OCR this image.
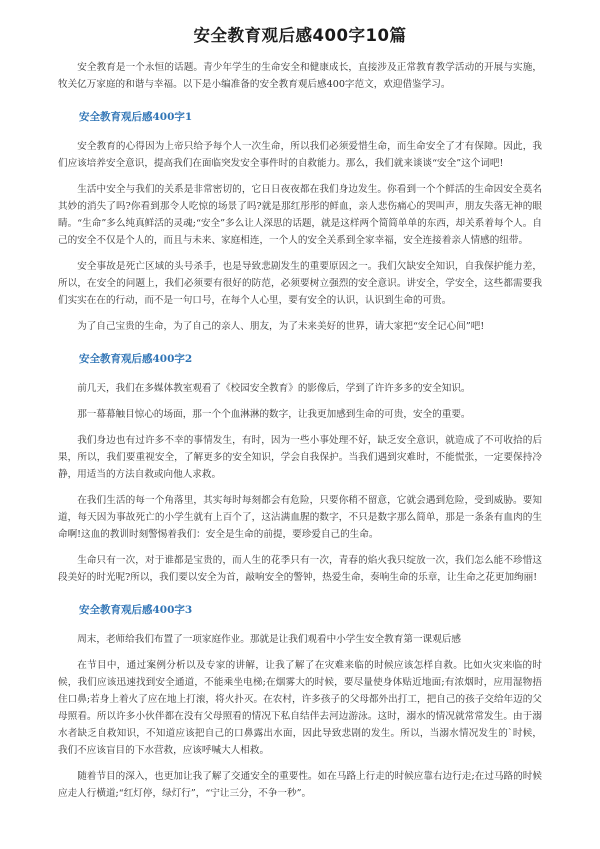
安全教育观后感400字10篇

安全教育是一个永恒的话题。青少年学生的生命安全和健康成长，直接涉及正常教育教学活动的开展与实施，牧关亿万家庭的和谐与幸福。以下是小编准备的安全教育观后感400字范文，欢迎借鉴学习。

安全教育观后感400字1

安全教育的心得因为上帝只给予每个人一次生命，所以我们必须爱惜生命，而生命安全了才有保障。因此，我们应该培养安全意识，提高我们在面临突发安全事件时的自救能力。那么，我们就来谈谈“安全”这个词吧!

生活中安全与我们的关系是非常密切的，它日日夜夜都在我们身边发生。你看到一个个鲜活的生命因安全莫名其妙的消失了吗?你看到那令人吃惊的场景了吗?就是那红彤彤的鲜血，亲人悲伤痛心的哭叫声，朋友失落无神的眼睛。“生命”多么纯真鲜活的灵魂;“安全”多么让人深思的话题，就是这样两个简简单单的东西，却关系着每个人。自己的安全不仅是个人的，而且与未来、家庭相连，一个人的安全关系到全家幸福，安全连接着亲人情感的纽带。

安全事故是死亡区域的头号杀手，也是导致悲剧发生的重要原因之一。我们欠缺安全知识，自我保护能力差，所以，在安全的问题上，我们必须要有很好的防范，必须要树立强烈的安全意识。讲安全，学安全，这些都需要我们实实在在的行动，而不是一句口号，在每个人心里，要有安全的认识，认识到生命的可贵。

为了自己宝贵的生命，为了自己的亲人、朋友，为了未来美好的世界，请大家把“安全记心间”吧!

安全教育观后感400字2

前几天，我们在多媒体教室观看了《校园安全教育》的影像后，学到了许许多多的安全知识。

那一幕幕触目惊心的场面，那一个个血淋淋的数字，让我更加感到生命的可贵，安全的重要。

我们身边也有过许多不幸的事情发生，有时，因为一些小事处理不好，缺乏安全意识，就造成了不可收拾的后果，所以，我们要重视安全，了解更多的安全知识，学会自我保护。当我们遇到灾难时，不能慌张，一定要保持冷静，用适当的方法自救或向他人求救。

在我们生活的每一个角落里，其实每时每刻都会有危险，只要你稍不留意，它就会遇到危险，受到威胁。要知道，每天因为事故死亡的小学生就有上百个了，这沾满血腥的数字，不只是数字那么简单，那是一条条有血肉的生命啊!这血的教训时刻警惕着我们：安全是生命的前提，要珍爱自己的生命。

生命只有一次，对于谁都是宝贵的，而人生的花季只有一次，青春的焰火我只绽放一次，我们怎么能不珍惜这段美好的时光呢?所以，我们要以安全为首，敲响安全的警钟，热爱生命，奏响生命的乐章，让生命之花更加绚丽!

安全教育观后感400字3

周末，老师给我们布置了一项家庭作业。那就是让我们观看中小学生安全教育第一课观后感

在节目中，通过案例分析以及专家的讲解，让我了解了在灾难来临的时候应该怎样自救。比如火灾来临的时候，我们应该迅速找到安全通道，不能乘坐电梯;在烟雾大的时候，要尽量使身体贴近地面;有浓烟时，应用湿物捂住口鼻;若身上着火了应在地上打滚，将火扑灭。在农村，许多孩子的父母都外出打工，把自己的孩子交给年迈的父母照看。所以许多小伙伴都在没有父母照看的情况下私自结伴去河边游泳。这时，溺水的情况就常常发生。由于溺水者缺乏自救知识，不知道应该把自己的口鼻露出水面，因此导致悲剧的发生。所以，当溺水情况发生的`时候，我们不应该盲目的下水营救，应该呼喊大人相救。

随着节目的深入，也更加让我了解了交通安全的重要性。如在马路上行走的时候应靠右边行走;在过马路的时候应走人行横道;“红灯停，绿灯行”，“宁让三分，不争一秒”。
